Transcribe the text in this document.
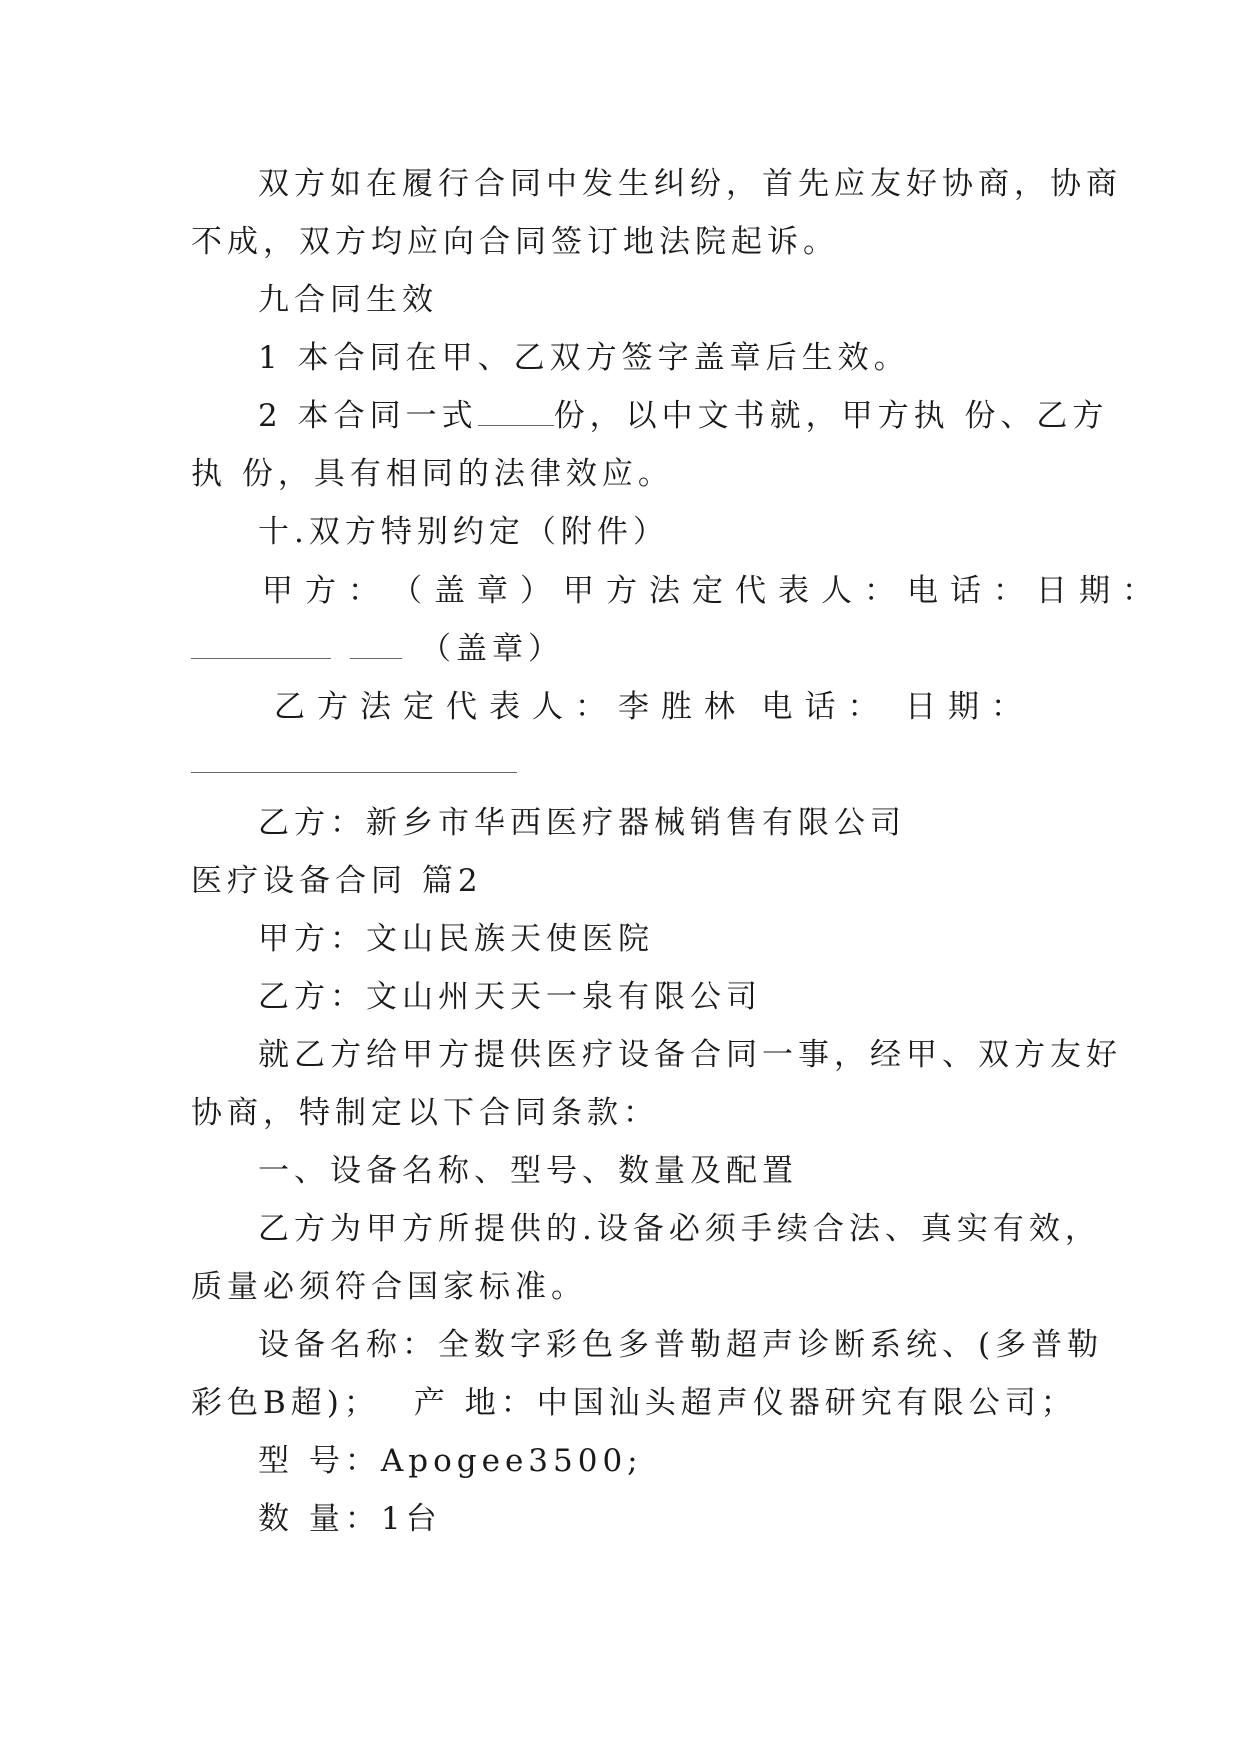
双方如在履行合同中发生纠纷，首先应友好协商，协商
不成，双方均应向合同签订地法院起诉。
九合同生效
1 本合同在甲、乙双方签字盖章后生效。
2 本合同一式 份，以中文书就，甲方执 份、乙方
执 份，具有相同的法律效应。
十.双方特别约定（附件）
甲方： （盖章） 甲方法定代表人： 电话： 日期：
（盖章）
乙方法定代表人：李胜林 电话： 日期：
乙方：新乡市华西医疗器械销售有限公司
医疗设备合同 篇2
甲方：文山民族天使医院
乙方：文山州天天一泉有限公司
就乙方给甲方提供医疗设备合同一事，经甲、双方友好
协商，特制定以下合同条款：
一、设备名称、型号、数量及配置
乙方为甲方所提供的.设备必须手续合法、真实有效，
质量必须符合国家标准。
设备名称：全数字彩色多普勒超声诊断系统、(多普勒
彩色B超)； 产 地：中国汕头超声仪器研究有限公司；
型 号：Apogee3500;
数 量：1台
